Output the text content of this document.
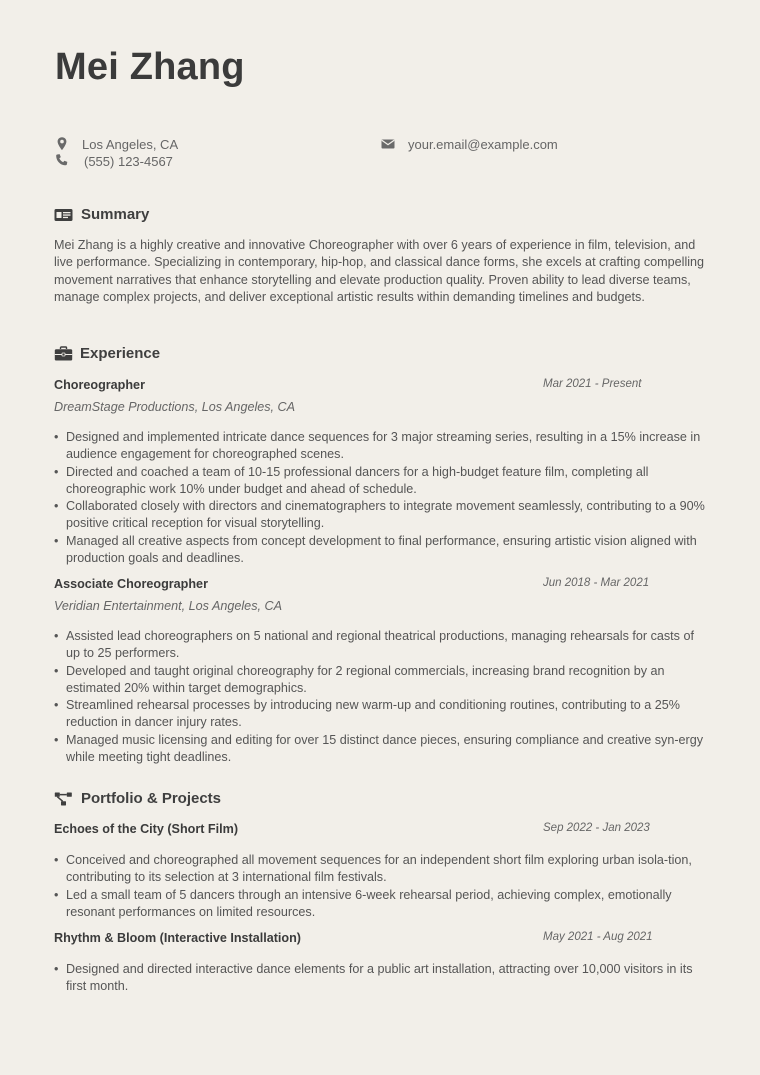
Mei Zhang
Los Angeles, CA
(555) 123-4567
your.email@example.com
Summary

Mei Zhang is a highly creative and innovative Choreographer with over 6 years of experience in film, television, and live performance. Specializing in contemporary, hip-hop, and classical dance forms, she excels at crafting compelling movement narratives that enhance storytelling and elevate production quality. Proven ability to lead diverse teams, manage complex projects, and deliver exceptional artistic results within demanding timelines and budgets.

Experience
Choreographer	Mar 2021 - Present
DreamStage Productions, Los Angeles, CA
• Designed and implemented intricate dance sequences for 3 major streaming series, resulting in a 15% increase in audience engagement for choreographed scenes.
• Directed and coached a team of 10-15 professional dancers for a high-budget feature film, completing all choreographic work 10% under budget and ahead of schedule.
• Collaborated closely with directors and cinematographers to integrate movement seamlessly, contributing to a 90% positive critical reception for visual storytelling.
• Managed all creative aspects from concept development to final performance, ensuring artistic vision aligned with production goals and deadlines.
Associate Choreographer	Jun 2018 - Mar 2021
Veridian Entertainment, Los Angeles, CA
• Assisted lead choreographers on 5 national and regional theatrical productions, managing rehearsals for casts of up to 25 performers.
• Developed and taught original choreography for 2 regional commercials, increasing brand recognition by an estimated 20% within target demographics.
• Streamlined rehearsal processes by introducing new warm-up and conditioning routines, contributing to a 25% reduction in dancer injury rates.
• Managed music licensing and editing for over 15 distinct dance pieces, ensuring compliance and creative syn-ergy while meeting tight deadlines.
Portfolio & Projects
Echoes of the City (Short Film)	Sep 2022 - Jan 2023
• Conceived and choreographed all movement sequences for an independent short film exploring urban isola-tion, contributing to its selection at 3 international film festivals.
• Led a small team of 5 dancers through an intensive 6-week rehearsal period, achieving complex, emotionally resonant performances on limited resources.
Rhythm & Bloom (Interactive Installation)	May 2021 - Aug 2021
• Designed and directed interactive dance elements for a public art installation, attracting over 10,000 visitors in its first month.
